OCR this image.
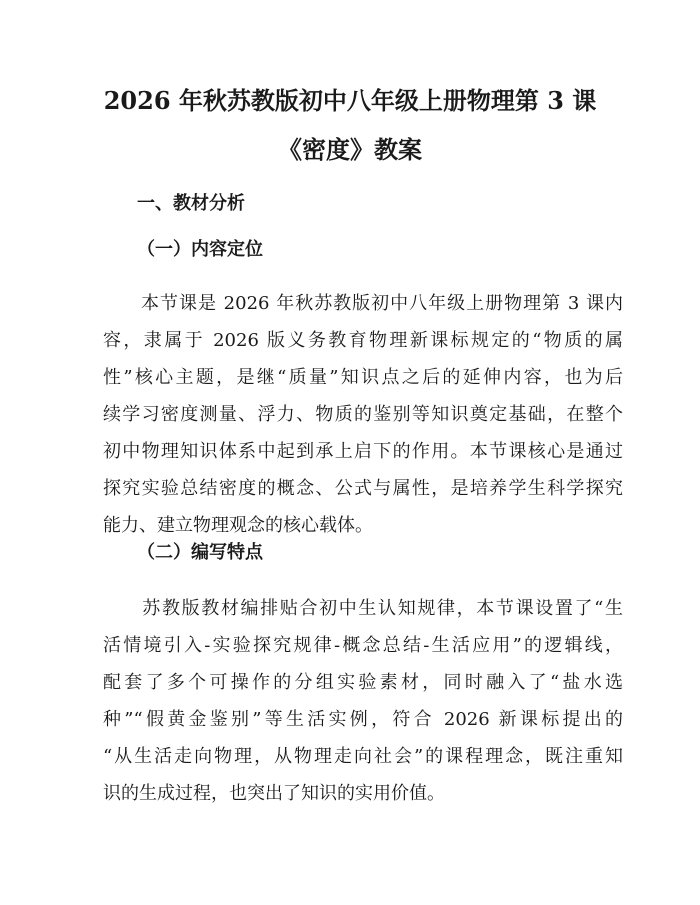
2026 年秋苏教版初中八年级上册物理第 3 课
《密度》教案
一、教材分析
（一）内容定位
　　本节课是 2026 年秋苏教版初中八年级上册物理第 3 课内
容，隶属于 2026 版义务教育物理新课标规定的“物质的属
性”核心主题，是继“质量”知识点之后的延伸内容，也为后
续学习密度测量、浮力、物质的鉴别等知识奠定基础，在整个
初中物理知识体系中起到承上启下的作用。本节课核心是通过
探究实验总结密度的概念、公式与属性，是培养学生科学探究
能力、建立物理观念的核心载体。
（二）编写特点
　　苏教版教材编排贴合初中生认知规律，本节课设置了“生
活情境引入-实验探究规律-概念总结-生活应用”的逻辑线，
配套了多个可操作的分组实验素材，同时融入了“盐水选
种”“假黄金鉴别”等生活实例，符合 2026 新课标提出的
“从生活走向物理，从物理走向社会”的课程理念，既注重知
识的生成过程，也突出了知识的实用价值。
